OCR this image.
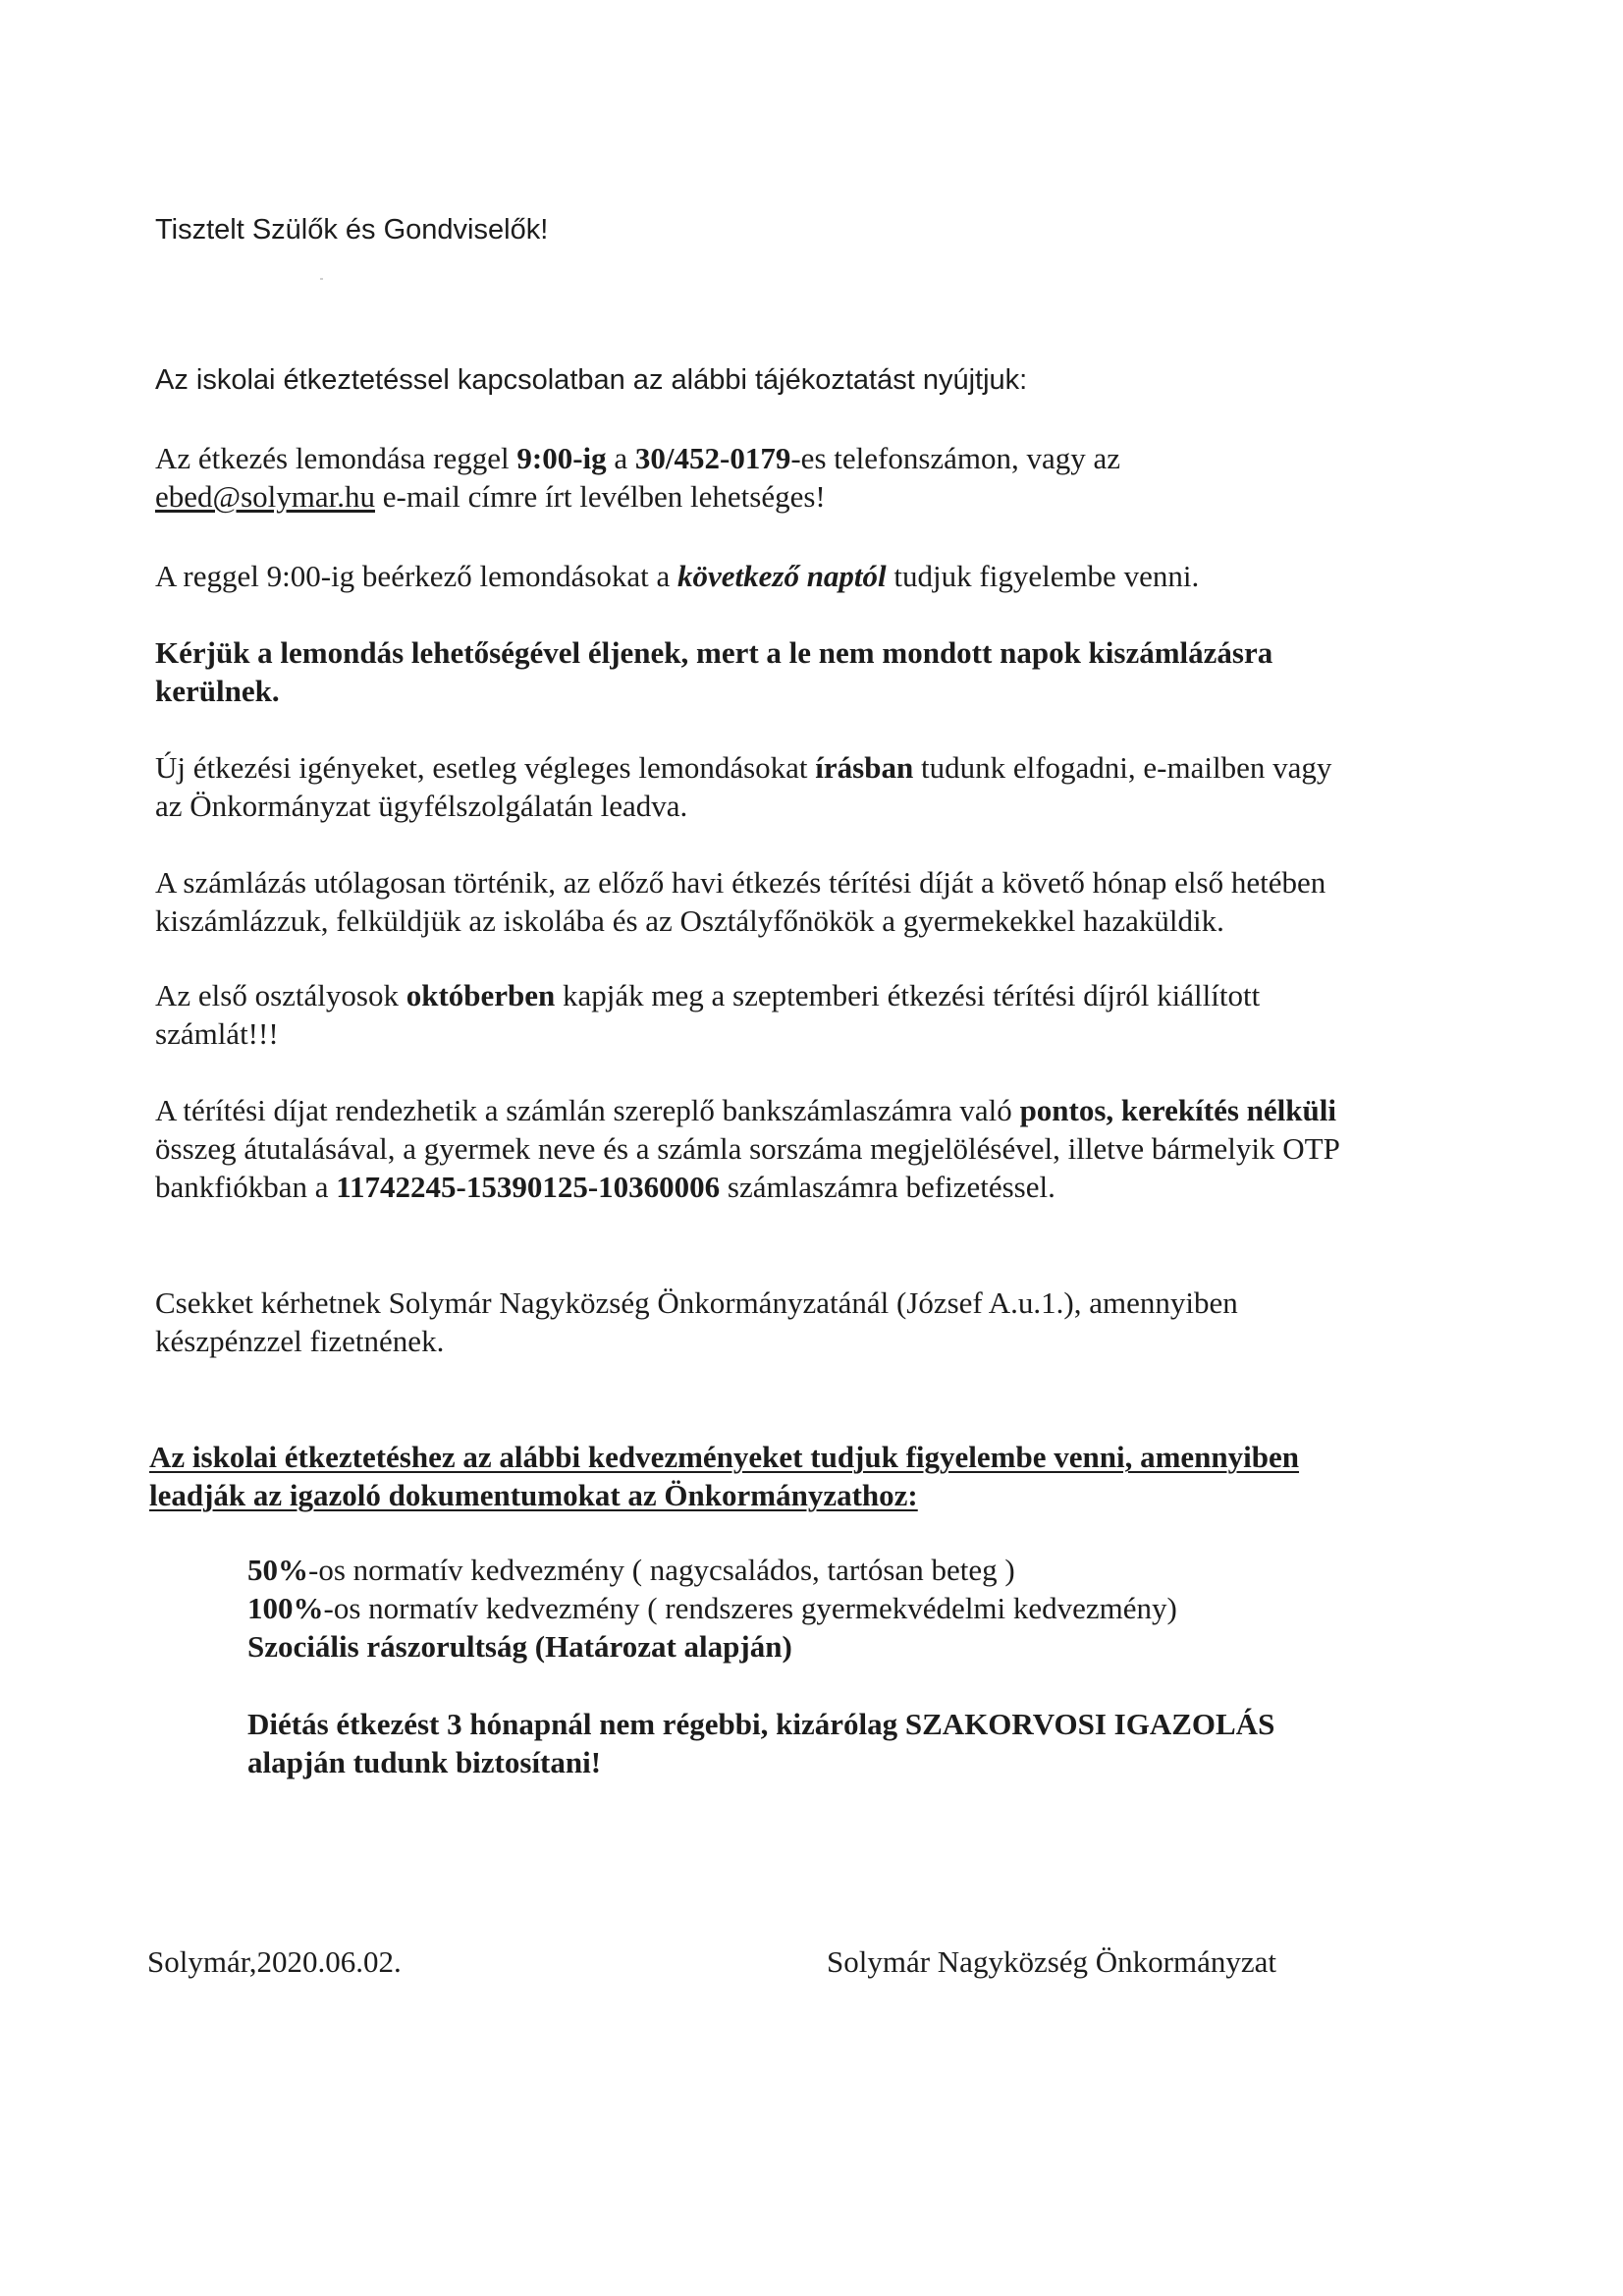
Tisztelt Szülők és Gondviselők!

Az iskolai étkeztetéssel kapcsolatban az alábbi tájékoztatást nyújtjuk:

Az étkezés lemondása reggel 9:00-ig a 30/452-0179-es telefonszámon, vagy az
ebed@solymar.hu e-mail címre írt levélben lehetséges!
A reggel 9:00-ig beérkező lemondásokat a következő naptól tudjuk figyelembe venni.
Kérjük a lemondás lehetőségével éljenek, mert a le nem mondott napok kiszámlázásra
kerülnek.
Új étkezési igényeket, esetleg végleges lemondásokat írásban tudunk elfogadni, e-mailben vagy
az Önkormányzat ügyfélszolgálatán leadva.
A számlázás utólagosan történik, az előző havi étkezés térítési díját a követő hónap első hetében
kiszámlázzuk, felküldjük az iskolába és az Osztályfőnökök a gyermekekkel hazaküldik.
Az első osztályosok októberben kapják meg a szeptemberi étkezési térítési díjról kiállított
számlát!!!
A térítési díjat rendezhetik a számlán szereplő bankszámlaszámra való pontos, kerekítés nélküli
összeg átutalásával, a gyermek neve és a számla sorszáma megjelölésével, illetve bármelyik OTP
bankfiókban a 11742245-15390125-10360006 számlaszámra befizetéssel.
Csekket kérhetnek Solymár Nagyközség Önkormányzatánál (József A.u.1.), amennyiben
készpénzzel fizetnének.
Az iskolai étkeztetéshez az alábbi kedvezményeket tudjuk figyelembe venni, amennyiben
leadják az igazoló dokumentumokat az Önkormányzathoz:
50%-os normatív kedvezmény ( nagycsaládos, tartósan beteg )
100%-os normatív kedvezmény ( rendszeres gyermekvédelmi kedvezmény)
Szociális rászorultság (Határozat alapján)
Diétás étkezést 3 hónapnál nem régebbi, kizárólag SZAKORVOSI IGAZOLÁS
alapján tudunk biztosítani!

Solymár,2020.06.02.	Solymár Nagyközség Önkormányzat
